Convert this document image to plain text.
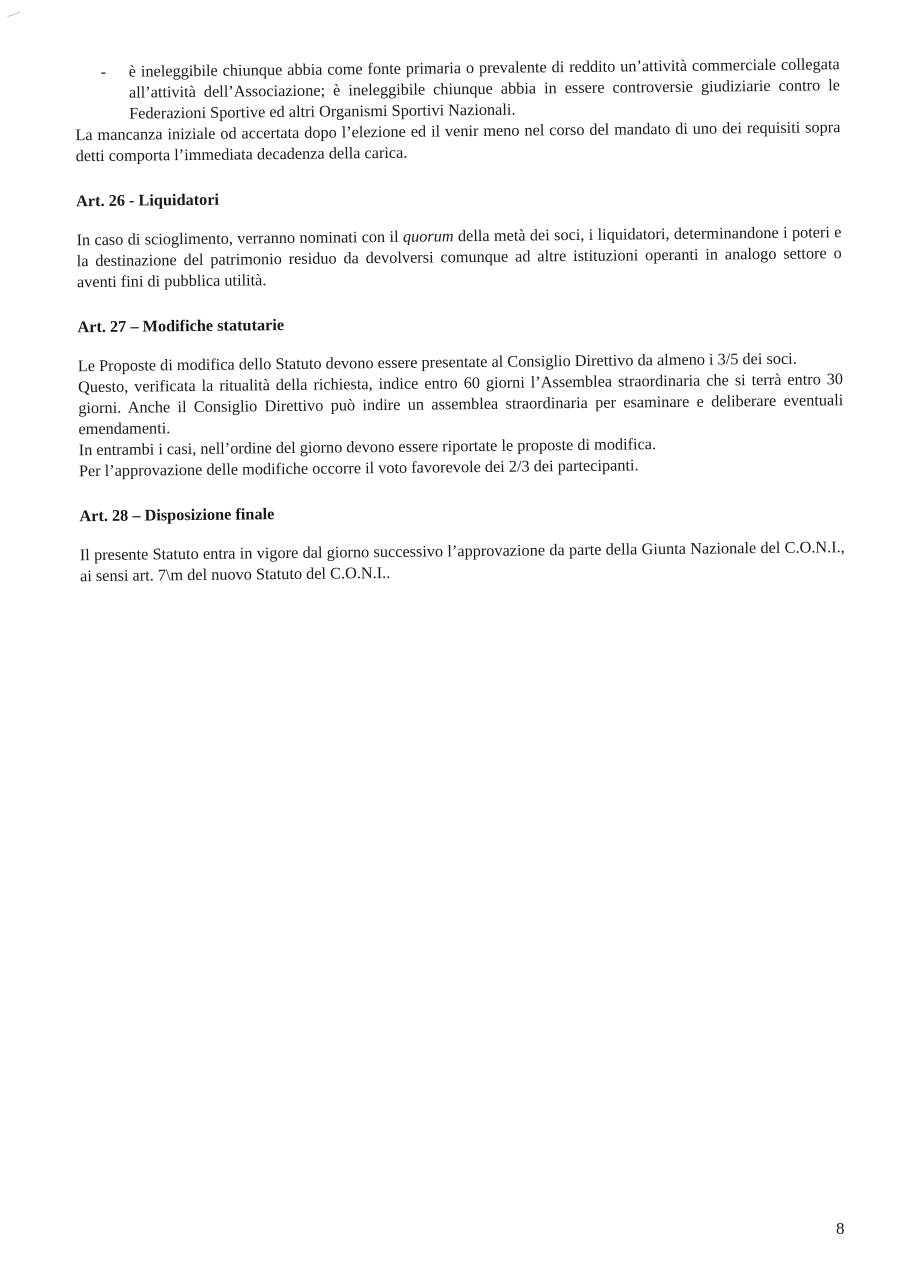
- è ineleggibile chiunque abbia come fonte primaria o prevalente di reddito un’attività commerciale collegata all’attività dell’Associazione; è ineleggibile chiunque abbia in essere controversie giudiziarie contro le Federazioni Sportive ed altri Organismi Sportivi Nazionali.

La mancanza iniziale od accertata dopo l’elezione ed il venir meno nel corso del mandato di uno dei requisiti sopra detti comporta l’immediata decadenza della carica.

Art. 26 - Liquidatori

In caso di scioglimento, verranno nominati con il quorum della metà dei soci, i liquidatori, determinandone i poteri e la destinazione del patrimonio residuo da devolversi comunque ad altre istituzioni operanti in analogo settore o aventi fini di pubblica utilità.

Art. 27 – Modifiche statutarie

Le Proposte di modifica dello Statuto devono essere presentate al Consiglio Direttivo da almeno i 3/5 dei soci.

Questo, verificata la ritualità della richiesta, indice entro 60 giorni l’Assemblea straordinaria che si terrà entro 30 giorni. Anche il Consiglio Direttivo può indire un assemblea straordinaria per esaminare e deliberare eventuali emendamenti.

In entrambi i casi, nell’ordine del giorno devono essere riportate le proposte di modifica.

Per l’approvazione delle modifiche occorre il voto favorevole dei 2/3 dei partecipanti.

Art. 28 – Disposizione finale

Il presente Statuto entra in vigore dal giorno successivo l’approvazione da parte della Giunta Nazionale del C.O.N.I., ai sensi art. 7\m del nuovo Statuto del C.O.N.I..

8
